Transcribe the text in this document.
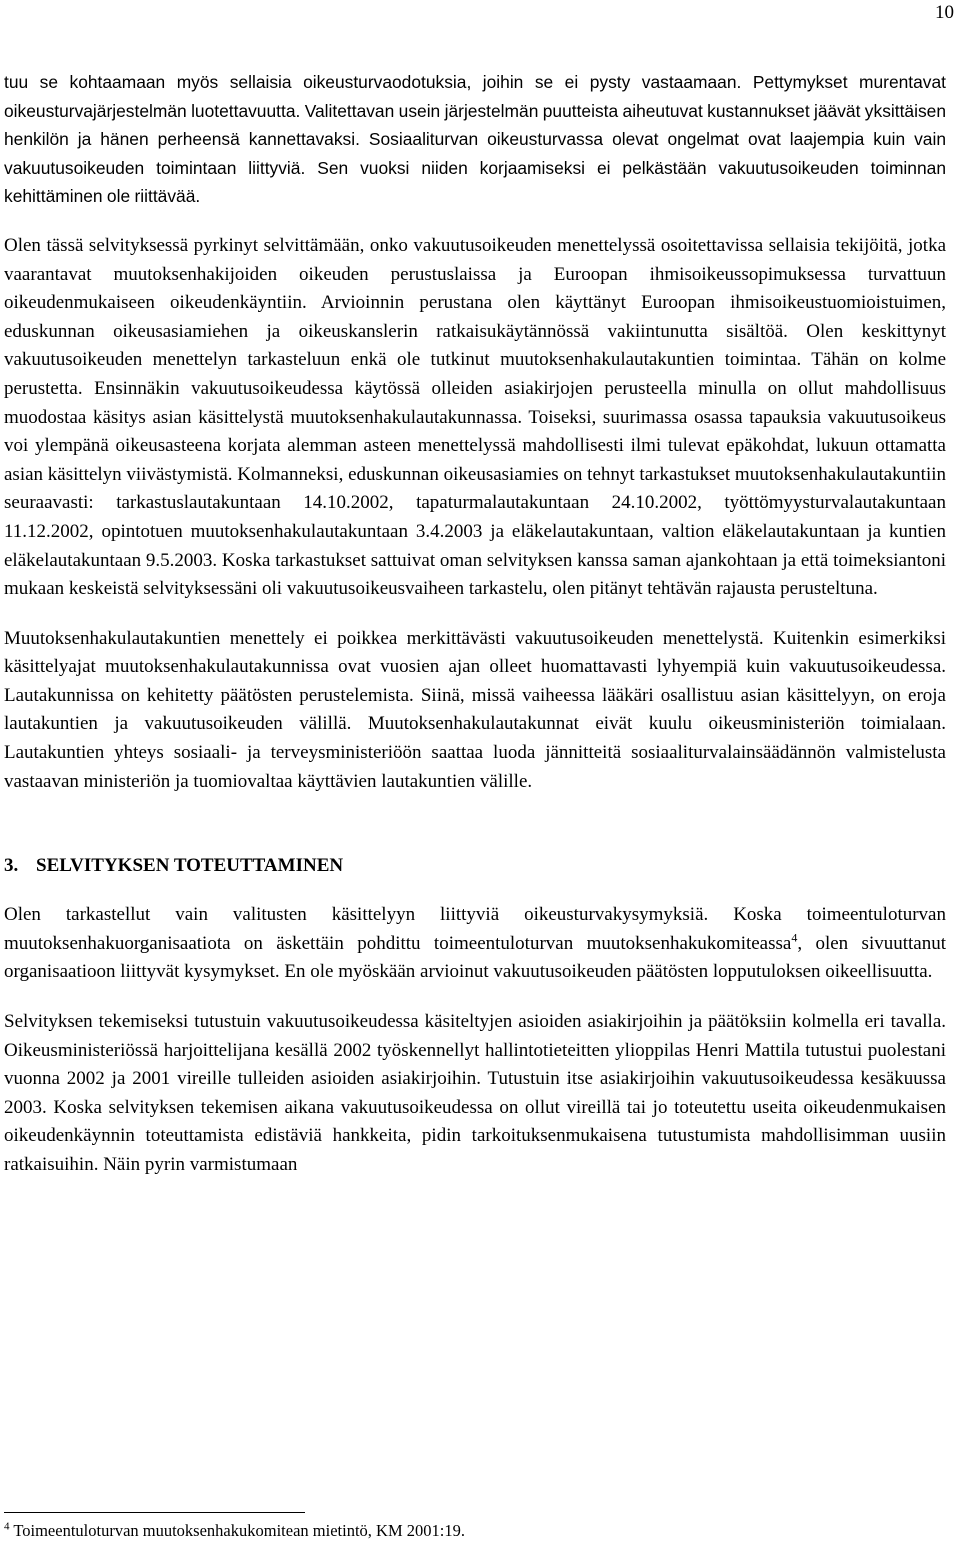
10

tuu se kohtaamaan myös sellaisia oikeusturvaodotuksia, joihin se ei pysty vastaamaan. Pettymykset murentavat oikeusturvajärjestelmän luotettavuutta. Valitettavan usein järjestelmän puutteista aiheutuvat kustannukset jäävät yksittäisen henkilön ja hänen perheensä kannettavaksi. Sosiaaliturvan oikeusturvassa olevat ongelmat ovat laajempia kuin vain vakuutusoikeuden toimintaan liittyviä. Sen vuoksi niiden korjaamiseksi ei pelkästään vakuutusoikeuden toiminnan kehittäminen ole riittävää.

Olen tässä selvityksessä pyrkinyt selvittämään, onko vakuutusoikeuden menettelyssä osoitettavissa sellaisia tekijöitä, jotka vaarantavat muutoksenhakijoiden oikeuden perustuslaissa ja Euroopan ihmisoikeussopimuksessa turvattuun oikeudenmukaiseen oikeudenkäyntiin. Arvioinnin perustana olen käyttänyt Euroopan ihmisoikeustuomioistuimen, eduskunnan oikeusasiamiehen ja oikeuskanslerin ratkaisukäytännössä vakiintunutta sisältöä. Olen keskittynyt vakuutusoikeuden menettelyn tarkasteluun enkä ole tutkinut muutoksenhakulautakuntien toimintaa. Tähän on kolme perustetta. Ensinnäkin vakuutusoikeudessa käytössä olleiden asiakirjojen perusteella minulla on ollut mahdollisuus muodostaa käsitys asian käsittelystä muutoksenhakulautakunnassa. Toiseksi, suurimassa osassa tapauksia vakuutusoikeus voi ylempänä oikeusasteena korjata alemman asteen menettelyssä mahdollisesti ilmi tulevat epäkohdat, lukuun ottamatta asian käsittelyn viivästymistä. Kolmanneksi, eduskunnan oikeusasiamies on tehnyt tarkastukset muutoksenhakulautakuntiin seuraavasti: tarkastuslautakuntaan 14.10.2002, tapaturmalautakuntaan 24.10.2002, työttömyysturvalautakuntaan 11.12.2002, opintotuen muutoksenhakulautakuntaan 3.4.2003 ja eläkelautakuntaan, valtion eläkelautakuntaan ja kuntien eläkelautakuntaan 9.5.2003. Koska tarkastukset sattuivat oman selvityksen kanssa saman ajankohtaan ja että toimeksiantoni mukaan keskeistä selvityksessäni oli vakuutusoikeusvaiheen tarkastelu, olen pitänyt tehtävän rajausta perusteltuna.

Muutoksenhakulautakuntien menettely ei poikkea merkittävästi vakuutusoikeuden menettelystä. Kuitenkin esimerkiksi käsittelyajat muutoksenhakulautakunnissa ovat vuosien ajan olleet huomattavasti lyhyempiä kuin vakuutusoikeudessa. Lautakunnissa on kehitetty päätösten perustelemista. Siinä, missä vaiheessa lääkäri osallistuu asian käsittelyyn, on eroja lautakuntien ja vakuutusoikeuden välillä. Muutoksenhakulautakunnat eivät kuulu oikeusministeriön toimialaan. Lautakuntien yhteys sosiaali- ja terveysministeriöön saattaa luoda jännitteitä sosiaaliturvalainsäädännön valmistelusta vastaavan ministeriön ja tuomiovaltaa käyttävien lautakuntien välille.

3. SELVITYKSEN TOTEUTTAMINEN

Olen tarkastellut vain valitusten käsittelyyn liittyviä oikeusturvakysymyksiä. Koska toimeentuloturvan muutoksenhakuorganisaatiota on äskettäin pohdittu toimeentuloturvan muutoksenhakukomiteassa$^4$, olen sivuuttanut organisaatioon liittyvät kysymykset. En ole myöskään arvioinut vakuutusoikeuden päätösten lopputuloksen oikeellisuutta.

Selvityksen tekemiseksi tutustuin vakuutusoikeudessa käsiteltyjen asioiden asiakirjoihin ja päätöksiin kolmella eri tavalla. Oikeusministeriössä harjoittelijana kesällä 2002 työskennellyt hallintotieteitten ylioppilas Henri Mattila tutustui puolestani vuonna 2002 ja 2001 vireille tulleiden asioiden asiakirjoihin. Tutustuin itse asiakirjoihin vakuutusoikeudessa kesäkuussa 2003. Koska selvityksen tekemisen aikana vakuutusoikeudessa on ollut vireillä tai jo toteutettu useita oikeudenmukaisen oikeudenkäynnin toteuttamista edistäviä hankkeita, pidin tarkoituksenmukaisena tutustumista mahdollisimman uusiin ratkaisuihin. Näin pyrin varmistumaan

$^4$ Toimeentuloturvan muutoksenhakukomitean mietintö, KM 2001:19.
